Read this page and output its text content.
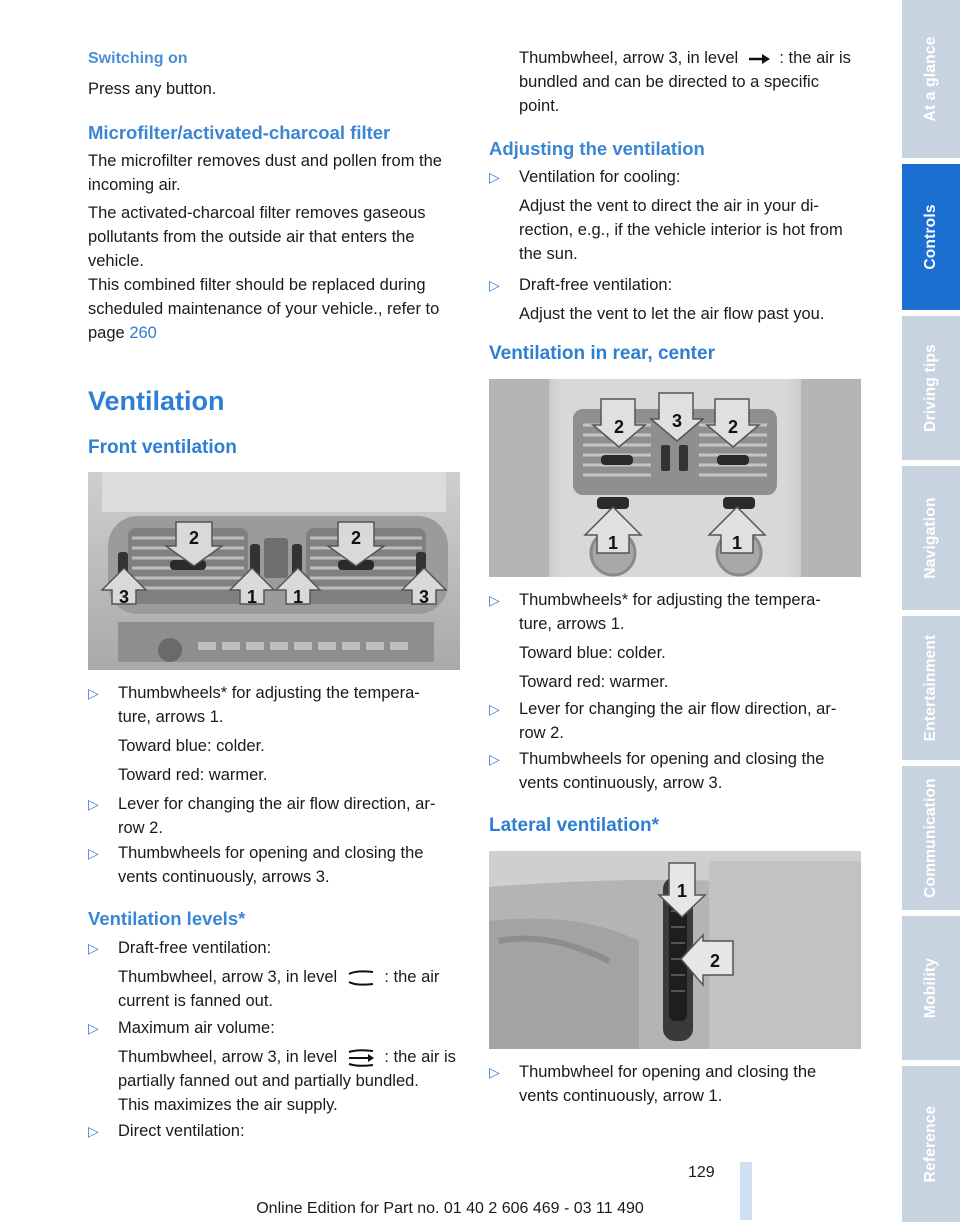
Switching on

Press any button.

Microfilter/activated-charcoal filter

The microfilter removes dust and pollen from the incoming air.

The activated-charcoal filter removes gaseous pollutants from the outside air that enters the vehicle.

This combined filter should be replaced during scheduled maintenance of your vehicle., refer to page 260

Ventilation
Front ventilation
2	2
3	1 1	3
▷ Thumbwheels* for adjusting the tempera-
ture, arrows 1.
Toward blue: colder.
Toward red: warmer.
▷ Lever for changing the air flow direction, ar-
row 2.
▷ Thumbwheels for opening and closing the
vents continuously, arrows 3.
Ventilation levels*
▷ Draft-free ventilation:
Thumbwheel, arrow 3, in level	: the air
current is fanned out.
▷ Maximum air volume:
Thumbwheel, arrow 3, in level	: the air is
partially fanned out and partially bundled.
This maximizes the air supply.
▷ Direct ventilation:
Thumbwheel, arrow 3, in level : the air is
bundled and can be directed to a specific
point.
Adjusting the ventilation
▷ Ventilation for cooling:
Adjust the vent to direct the air in your di-
rection, e.g., if the vehicle interior is hot from
the sun.
▷ Draft-free ventilation:
Adjust the vent to let the air flow past you.
Ventilation in rear, center
2	3	2
1	1
▷ Thumbwheels* for adjusting the tempera-
ture, arrows 1.
Toward blue: colder.
Toward red: warmer.
▷ Lever for changing the air flow direction, ar-
row 2.
▷ Thumbwheels for opening and closing the
vents continuously, arrow 3.
Lateral ventilation*
1
2
▷ Thumbwheel for opening and closing the
vents continuously, arrow 1.
At a glance
Controls
Driving tips
Navigation
Entertainment
Communication
Mobility
Reference
129
Online Edition for Part no. 01 40 2 606 469 - 03 11 490
